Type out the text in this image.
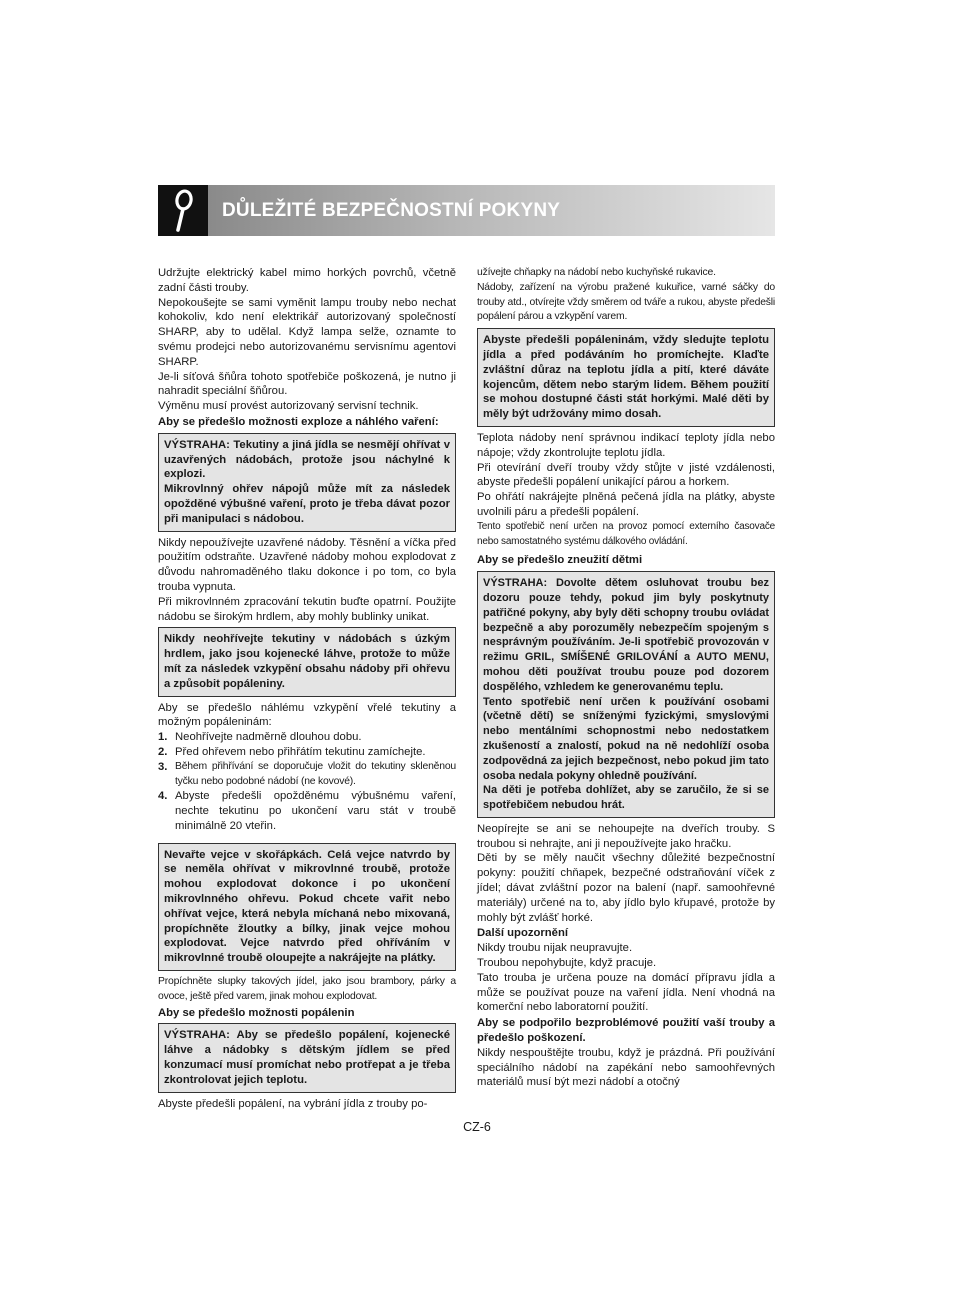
DŮLEŽITÉ BEZPEČNOSTNÍ POKYNY

Udržujte elektrický kabel mimo horkých povrchů, včetně zadní části trouby.

Nepokoušejte se sami vyměnit lampu trouby nebo nechat kohokoliv, kdo není elektrikář autorizovaný společností SHARP, aby to udělal. Když lampa selže, oznamte to svému prodejci nebo autorizovanému servisnímu agentovi SHARP.

Je-li síťová šňůra tohoto spotřebiče poškozená, je nutno ji nahradit speciální šňůrou.

Výměnu musí provést autorizovaný servisní technik.

Aby se předešlo možnosti exploze a náhlého vaření:

VÝSTRAHA: Tekutiny a jiná jídla se nesmějí ohřívat v uzavřených nádobách, protože jsou náchylné k explozi.

Mikrovlnný ohřev nápojů může mít za následek opožděné výbušné vaření, proto je třeba dávat pozor při manipulaci s nádobou.

Nikdy nepoužívejte uzavřené nádoby. Těsnění a víčka před použitím odstraňte. Uzavřené nádoby mohou explodovat z důvodu nahromaděného tlaku dokonce i po tom, co byla trouba vypnuta.

Při mikrovlnném zpracování tekutin buďte opatrní. Použijte nádobu se širokým hrdlem, aby mohly bublinky unikat.

Nikdy neohřívejte tekutiny v nádobách s úzkým hrdlem, jako jsou kojenecké láhve, protože to může mít za následek vzkypění obsahu nádoby při ohřevu a způsobit popáleniny.

Aby se předešlo náhlému vzkypění vřelé tekutiny a možným popáleninám:

1. Neohřívejte nadměrně dlouhou dobu.
2. Před ohřevem nebo přihřátím tekutinu zamíchejte.
3. Během přihřívání se doporučuje vložit do tekutiny skleněnou tyčku nebo podobné nádobí (ne kovové).
4. Abyste předešli opožděnému výbušnému vaření, nechte tekutinu po ukončení varu stát v troubě minimálně 20 vteřin.

Nevařte vejce v skořápkách. Celá vejce natvrdo by se neměla ohřívat v mikrovlnné troubě, protože mohou explodovat dokonce i po ukončení mikrovlnného ohřevu. Pokud chcete vařit nebo ohřívat vejce, která nebyla míchaná nebo mixovaná, propíchněte žloutky a bílky, jinak vejce mohou explodovat. Vejce natvrdo před ohříváním v mikrovlnné troubě oloupejte a nakrájejte na plátky.

Propíchněte slupky takových jídel, jako jsou brambory, párky a ovoce, ještě před varem, jinak mohou explodovat.

Aby se předešlo možnosti popálenin

VÝSTRAHA: Aby se předešlo popálení, kojenecké láhve a nádobky s dětským jídlem se před konzumací musí promíchat nebo protřepat a je třeba zkontrolovat jejich teplotu.

Abyste předešli popálení, na vybrání jídla z trouby po-

užívejte chňapky na nádobí nebo kuchyňské rukavice.

Nádoby, zařízení na výrobu pražené kukuřice, varné sáčky do trouby atd., otvírejte vždy směrem od tváře a rukou, abyste předešli popálení párou a vzkypění varem.

Abyste předešli popáleninám, vždy sledujte teplotu jídla a před podáváním ho promíchejte. Klaďte zvláštní důraz na teplotu jídla a pití, které dáváte kojencům, dětem nebo starým lidem. Během použití se mohou dostupné části stát horkými. Malé děti by měly být udržovány mimo dosah.

Teplota nádoby není správnou indikací teploty jídla nebo nápoje; vždy zkontrolujte teplotu jídla.

Při otevírání dveří trouby vždy stůjte v jisté vzdálenosti, abyste předešli popálení unikající párou a horkem.

Po ohřátí nakrájejte plněná pečená jídla na plátky, abyste uvolnili páru a předešli popálení.

Tento spotřebič není určen na provoz pomocí externího časovače nebo samostatného systému dálkového ovládání.

Aby se předešlo zneužití dětmi

VÝSTRAHA: Dovolte dětem osluhovat troubu bez dozoru pouze tehdy, pokud jim byly poskytnuty patřičné pokyny, aby byly děti schopny troubu ovládat bezpečně a aby porozuměly nebezpečím spojeným s nesprávným používáním. Je-li spotřebič provozován v režimu GRIL, SMÍŠENÉ GRILOVÁNÍ a AUTO MENU, mohou děti používat troubu pouze pod dozorem dospělého, vzhledem ke generovanému teplu.

Tento spotřebič není určen k používání osobami (včetně dětí) se sníženými fyzickými, smyslovými nebo mentálními schopnostmi nebo nedostatkem zkušeností a znalostí, pokud na ně nedohlíží osoba zodpovědná za jejich bezpečnost, nebo pokud jim tato osoba nedala pokyny ohledně používání.

Na děti je potřeba dohlížet, aby se zaručilo, že si se spotřebičem nebudou hrát.

Neopírejte se ani se nehoupejte na dveřích trouby. S troubou si nehrajte, ani ji nepoužívejte jako hračku.

Děti by se měly naučit všechny důležité bezpečnostní pokyny: použití chňapek, bezpečné odstraňování víček z jídel; dávat zvláštní pozor na balení (např. samoohřevné materiály) určené na to, aby jídlo bylo křupavé, protože by mohly být zvlášť horké.

Další upozornění

Nikdy troubu nijak neupravujte.

Troubou nepohybujte, když pracuje.

Tato trouba je určena pouze na domácí přípravu jídla a může se používat pouze na vaření jídla. Není vhodná na komerční nebo laboratorní použití.

Aby se podpořilo bezproblémové použití vaší trouby a předešlo poškození.

Nikdy nespouštějte troubu, když je prázdná. Při používání speciálního nádobí na zapékání nebo samoohřevných materiálů musí být mezi nádobí a otočný

CZ-6
